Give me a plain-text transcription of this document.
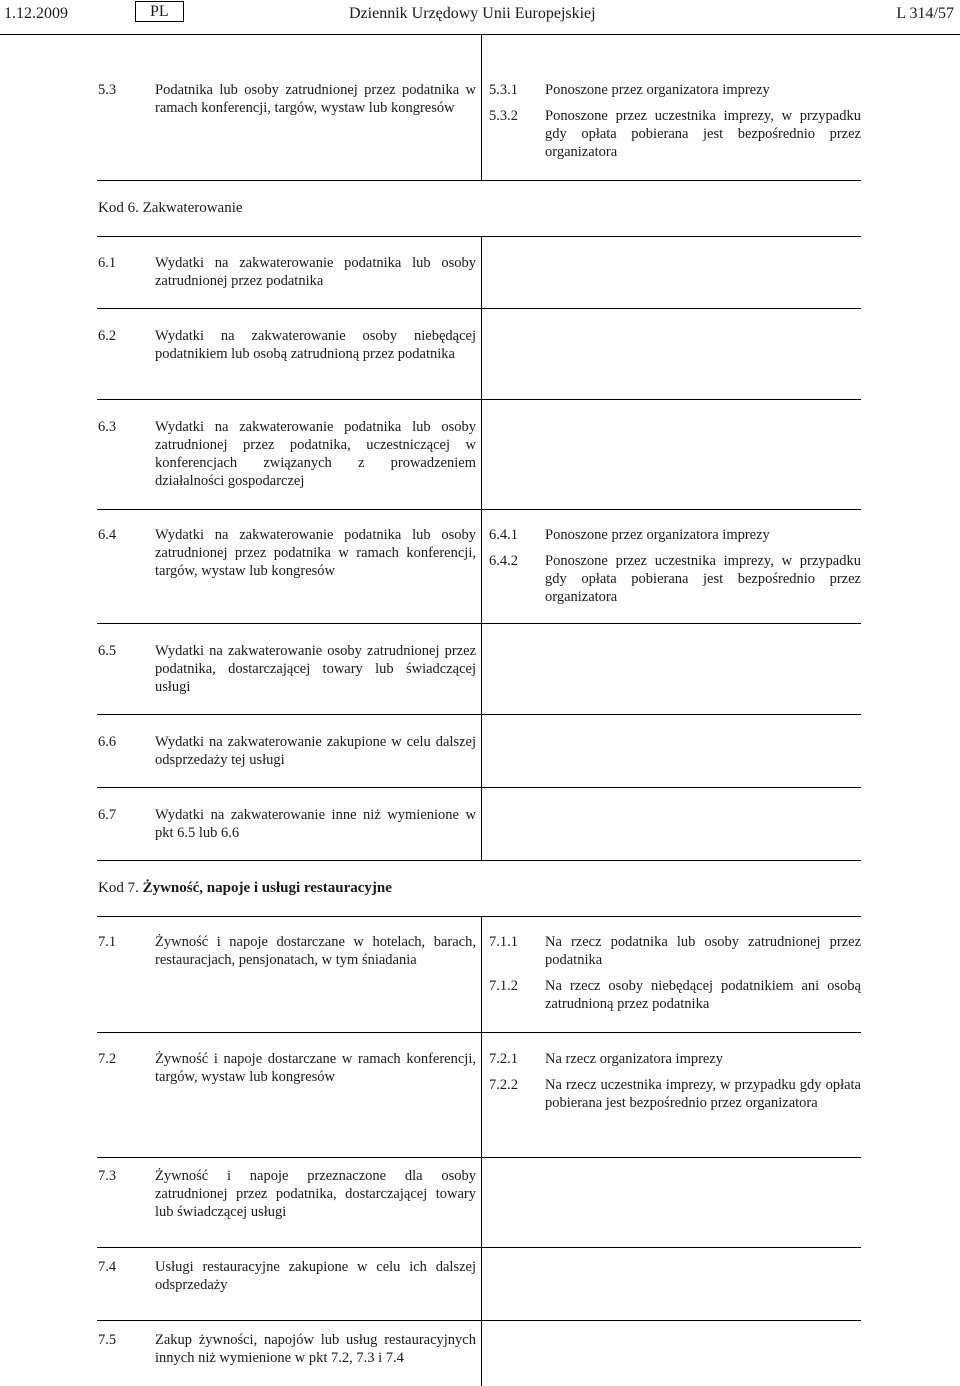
1.12.2009	PL	Dziennik Urzędowy Unii Europejskiej	L 314/57
5.3	Podatnika lub osoby zatrudnionej przez podatnika w ramach konferencji, targów, wystaw lub kongresów
5.3.1	Ponoszone przez organizatora imprezy
5.3.2	Ponoszone przez uczestnika imprezy, w przypadku gdy opłata pobierana jest bezpośrednio przez organizatora
Kod 6. Zakwaterowanie
6.1	Wydatki na zakwaterowanie podatnika lub osoby zatrudnionej przez podatnika
6.2	Wydatki na zakwaterowanie osoby niebędącej podatnikiem lub osobą zatrudnioną przez podatnika
6.3	Wydatki na zakwaterowanie podatnika lub osoby zatrudnionej przez podatnika, uczestniczącej w konferencjach związanych z prowadzeniem działalności gospodarczej
6.4	Wydatki na zakwaterowanie podatnika lub osoby zatrudnionej przez podatnika w ramach konferencji, targów, wystaw lub kongresów
6.4.1	Ponoszone przez organizatora imprezy
6.4.2	Ponoszone przez uczestnika imprezy, w przypadku gdy opłata pobierana jest bezpośrednio przez organizatora
6.5	Wydatki na zakwaterowanie osoby zatrudnionej przez podatnika, dostarczającej towary lub świadczącej usługi
6.6	Wydatki na zakwaterowanie zakupione w celu dalszej odsprzedaży tej usługi
6.7	Wydatki na zakwaterowanie inne niż wymienione w pkt 6.5 lub 6.6
Kod 7. Żywność, napoje i usługi restauracyjne
7.1	Żywność i napoje dostarczane w hotelach, barach, restauracjach, pensjonatach, w tym śniadania
7.1.1	Na rzecz podatnika lub osoby zatrudnionej przez podatnika
7.1.2	Na rzecz osoby niebędącej podatnikiem ani osobą zatrudnioną przez podatnika
7.2	Żywność i napoje dostarczane w ramach konferencji, targów, wystaw lub kongresów
7.2.1	Na rzecz organizatora imprezy
7.2.2	Na rzecz uczestnika imprezy, w przypadku gdy opłata pobierana jest bezpośrednio przez organizatora
7.3	Żywność i napoje przeznaczone dla osoby zatrudnionej przez podatnika, dostarczającej towary lub świadczącej usługi
7.4	Usługi restauracyjne zakupione w celu ich dalszej odsprzedaży
7.5	Zakup żywności, napojów lub usług restauracyjnych innych niż wymienione w pkt 7.2, 7.3 i 7.4
